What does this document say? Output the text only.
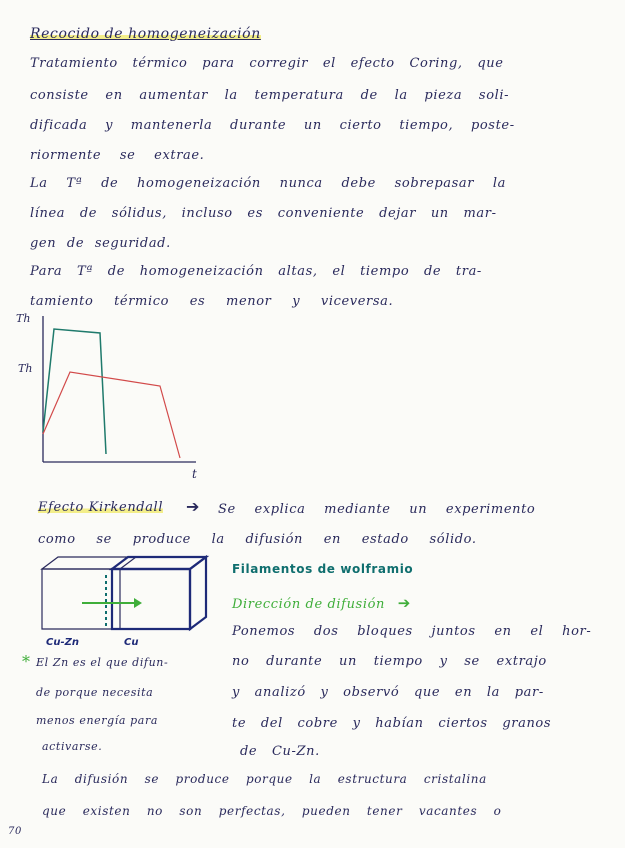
Recocido de homogeneización
Tratamiento térmico para corregir el efecto Coring, que
consiste en aumentar la temperatura de la pieza soli-
dificada y mantenerla durante un cierto tiempo, poste-
riormente se extrae.
La Tª de homogeneización nunca debe sobrepasar la
línea de sólidus, incluso es conveniente dejar un mar-
gen de seguridad.
Para Tª de homogeneización altas, el tiempo de tra-
tamiento térmico es menor y viceversa.
Th
Th
t
Efecto Kirkendall ➔ Se explica mediante un experimento
como se produce la difusión en estado sólido.
Cu-Zn	Cu
Filamentos de wolframio
Dirección de difusión ➔
Ponemos dos bloques juntos en el hor-
no durante un tiempo y se extrajo
y analizó y observó que en la par-
te del cobre y habían ciertos granos
de Cu-Zn.
* El Zn es el que difun-
de porque necesita
menos energía para
activarse.
La difusión se produce porque la estructura cristalina
que existen no son perfectas, pueden tener vacantes o
70
